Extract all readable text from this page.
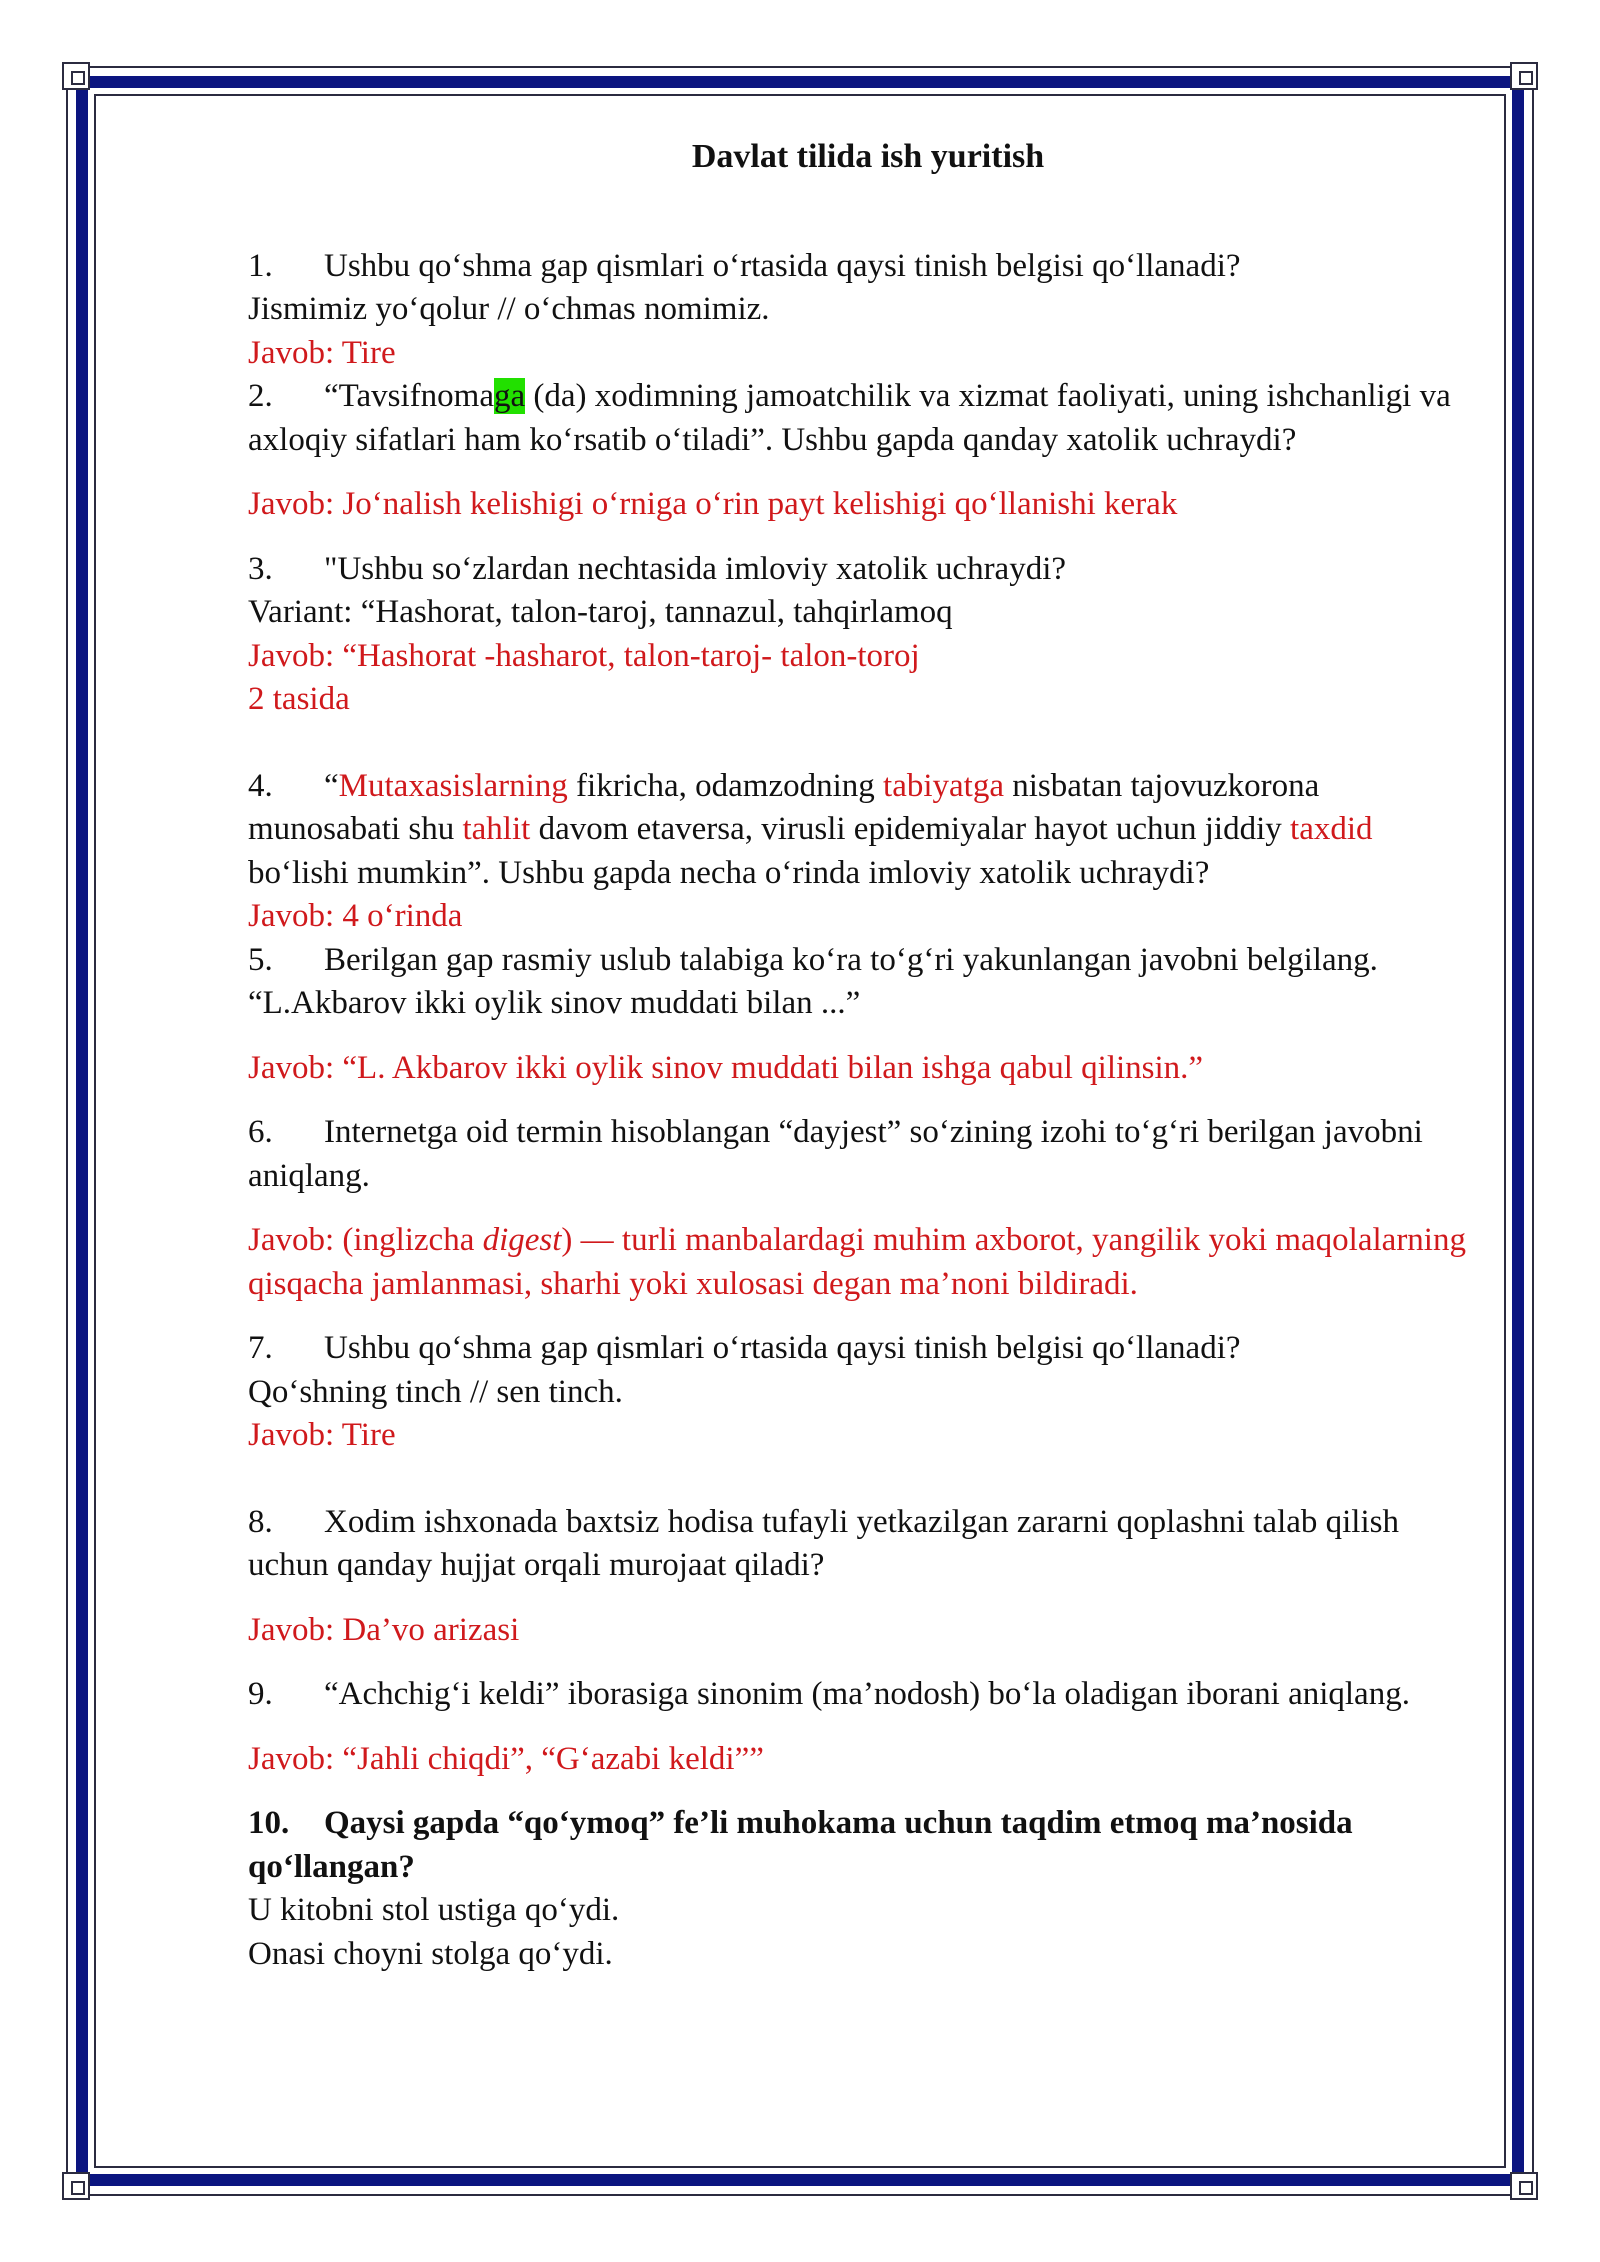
Davlat tilida ish yuritish

1. Ushbu qo‘shma gap qismlari o‘rtasida qaysi tinish belgisi qo‘llanadi?

Jismimiz yo‘qolur // o‘chmas nomimiz.

Javob: Tire

2. “Tavsifnomaga (da) xodimning jamoatchilik va xizmat faoliyati, uning ishchanligi va axloqiy sifatlari ham ko‘rsatib o‘tiladi”. Ushbu gapda qanday xatolik uchraydi?

Javob: Jo‘nalish kelishigi o‘rniga o‘rin payt kelishigi qo‘llanishi kerak

3. "Ushbu so‘zlardan nechtasida imloviy xatolik uchraydi?

Variant: “Hashorat, talon-taroj, tannazul, tahqirlamoq

Javob: “Hashorat -hasharot, talon-taroj- talon-toroj

2 tasida

4. “Mutaxasislarning fikricha, odamzodning tabiyatga nisbatan tajovuzkorona munosabati shu tahlit davom etaversa, virusli epidemiyalar hayot uchun jiddiy taxdid bo‘lishi mumkin”. Ushbu gapda necha o‘rinda imloviy xatolik uchraydi?

Javob: 4 o‘rinda

5. Berilgan gap rasmiy uslub talabiga ko‘ra to‘g‘ri yakunlangan javobni belgilang. “L.Akbarov ikki oylik sinov muddati bilan ...”

Javob: “L. Akbarov ikki oylik sinov muddati bilan ishga qabul qilinsin.”

6. Internetga oid termin hisoblangan “dayjest” so‘zining izohi to‘g‘ri berilgan javobni aniqlang.

Javob: (inglizcha digest) — turli manbalardagi muhim axborot, yangilik yoki maqolalarning qisqacha jamlanmasi, sharhi yoki xulosasi degan ma’noni bildiradi.

7. Ushbu qo‘shma gap qismlari o‘rtasida qaysi tinish belgisi qo‘llanadi?

Qo‘shning tinch // sen tinch.

Javob: Tire

8. Xodim ishxonada baxtsiz hodisa tufayli yetkazilgan zararni qoplashni talab qilish uchun qanday hujjat orqali murojaat qiladi?

Javob: Da’vo arizasi

9. “Achchig‘i keldi” iborasiga sinonim (ma’nodosh) bo‘la oladigan iborani aniqlang.

Javob: “Jahli chiqdi”, “G‘azabi keldi””

10. Qaysi gapda “qo‘ymoq” fe’li muhokama uchun taqdim etmoq ma’nosida qo‘llangan?

U kitobni stol ustiga qo‘ydi.

Onasi choyni stolga qo‘ydi.
